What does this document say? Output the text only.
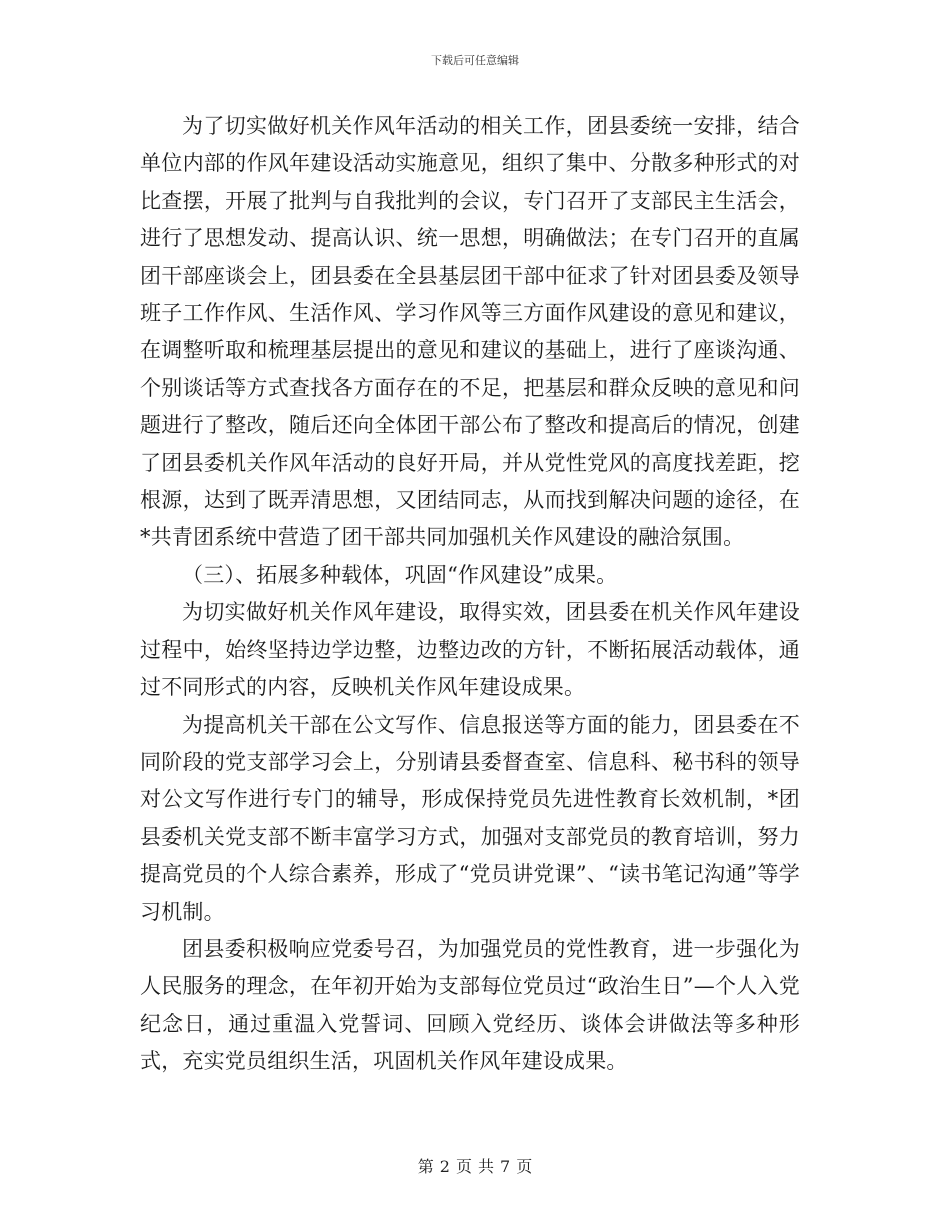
下载后可任意编辑

为了切实做好机关作风年活动的相关工作，团县委统一安排，结合单位内部的作风年建设活动实施意见，组织了集中、分散多种形式的对比查摆，开展了批判与自我批判的会议，专门召开了支部民主生活会，进行了思想发动、提高认识、统一思想，明确做法；在专门召开的直属团干部座谈会上，团县委在全县基层团干部中征求了针对团县委及领导班子工作作风、生活作风、学习作风等三方面作风建设的意见和建议，在调整听取和梳理基层提出的意见和建议的基础上，进行了座谈沟通、个别谈话等方式查找各方面存在的不足，把基层和群众反映的意见和问题进行了整改，随后还向全体团干部公布了整改和提高后的情况，创建了团县委机关作风年活动的良好开局，并从党性党风的高度找差距，挖根源，达到了既弄清思想，又团结同志，从而找到解决问题的途径，在*共青团系统中营造了团干部共同加强机关作风建设的融洽氛围。

（三）、拓展多种载体，巩固“作风建设”成果。

为切实做好机关作风年建设，取得实效，团县委在机关作风年建设过程中，始终坚持边学边整，边整边改的方针，不断拓展活动载体，通过不同形式的内容，反映机关作风年建设成果。

为提高机关干部在公文写作、信息报送等方面的能力，团县委在不同阶段的党支部学习会上，分别请县委督查室、信息科、秘书科的领导对公文写作进行专门的辅导，形成保持党员先进性教育长效机制，*团县委机关党支部不断丰富学习方式，加强对支部党员的教育培训，努力提高党员的个人综合素养，形成了“党员讲党课”、“读书笔记沟通”等学习机制。

团县委积极响应党委号召，为加强党员的党性教育，进一步强化为人民服务的理念，在年初开始为支部每位党员过“政治生日”—个人入党纪念日，通过重温入党誓词、回顾入党经历、谈体会讲做法等多种形式，充实党员组织生活，巩固机关作风年建设成果。

第 2 页 共 7 页
